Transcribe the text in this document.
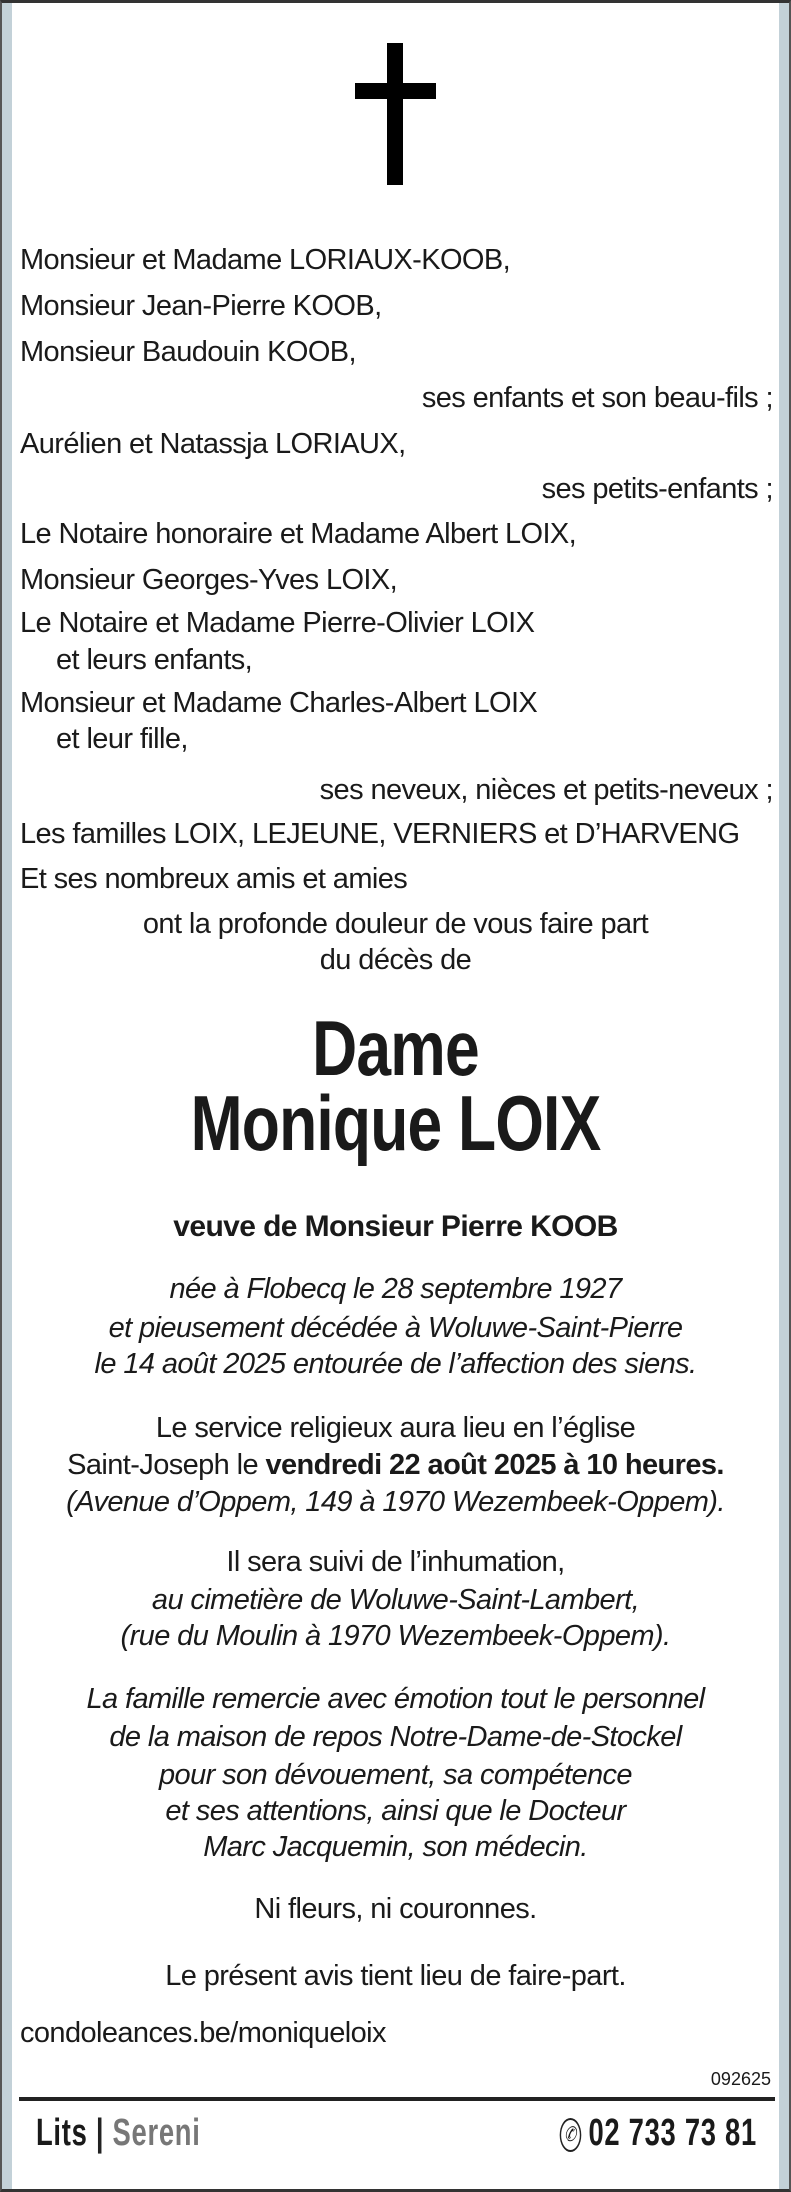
Monsieur et Madame LORIAUX-KOOB,
Monsieur Jean-Pierre KOOB,
Monsieur Baudouin KOOB,
ses enfants et son beau-fils ;
Aurélien et Natassja LORIAUX,
ses petits-enfants ;
Le Notaire honoraire et Madame Albert LOIX,
Monsieur Georges-Yves LOIX,
Le Notaire et Madame Pierre-Olivier LOIX
et leurs enfants,
Monsieur et Madame Charles-Albert LOIX
et leur fille,
ses neveux, nièces et petits-neveux ;
Les familles LOIX, LEJEUNE, VERNIERS et D’HARVENG
Et ses nombreux amis et amies
ont la profonde douleur de vous faire part
du décès de
Dame
Monique LOIX
veuve de Monsieur Pierre KOOB
née à Flobecq le 28 septembre 1927
et pieusement décédée à Woluwe-Saint-Pierre
le 14 août 2025 entourée de l’affection des siens.
Le service religieux aura lieu en l’église
Saint-Joseph le vendredi 22 août 2025 à 10 heures.
(Avenue d’Oppem, 149 à 1970 Wezembeek-Oppem).
Il sera suivi de l’inhumation,
au cimetière de Woluwe-Saint-Lambert,
(rue du Moulin à 1970 Wezembeek-Oppem).
La famille remercie avec émotion tout le personnel
de la maison de repos Notre-Dame-de-Stockel
pour son dévouement, sa compétence
et ses attentions, ainsi que le Docteur
Marc Jacquemin, son médecin.
Ni fleurs, ni couronnes.
Le présent avis tient lieu de faire-part.
condoleances.be/moniqueloix
092625
Lits | Sereni	✆ 02 733 73 81
